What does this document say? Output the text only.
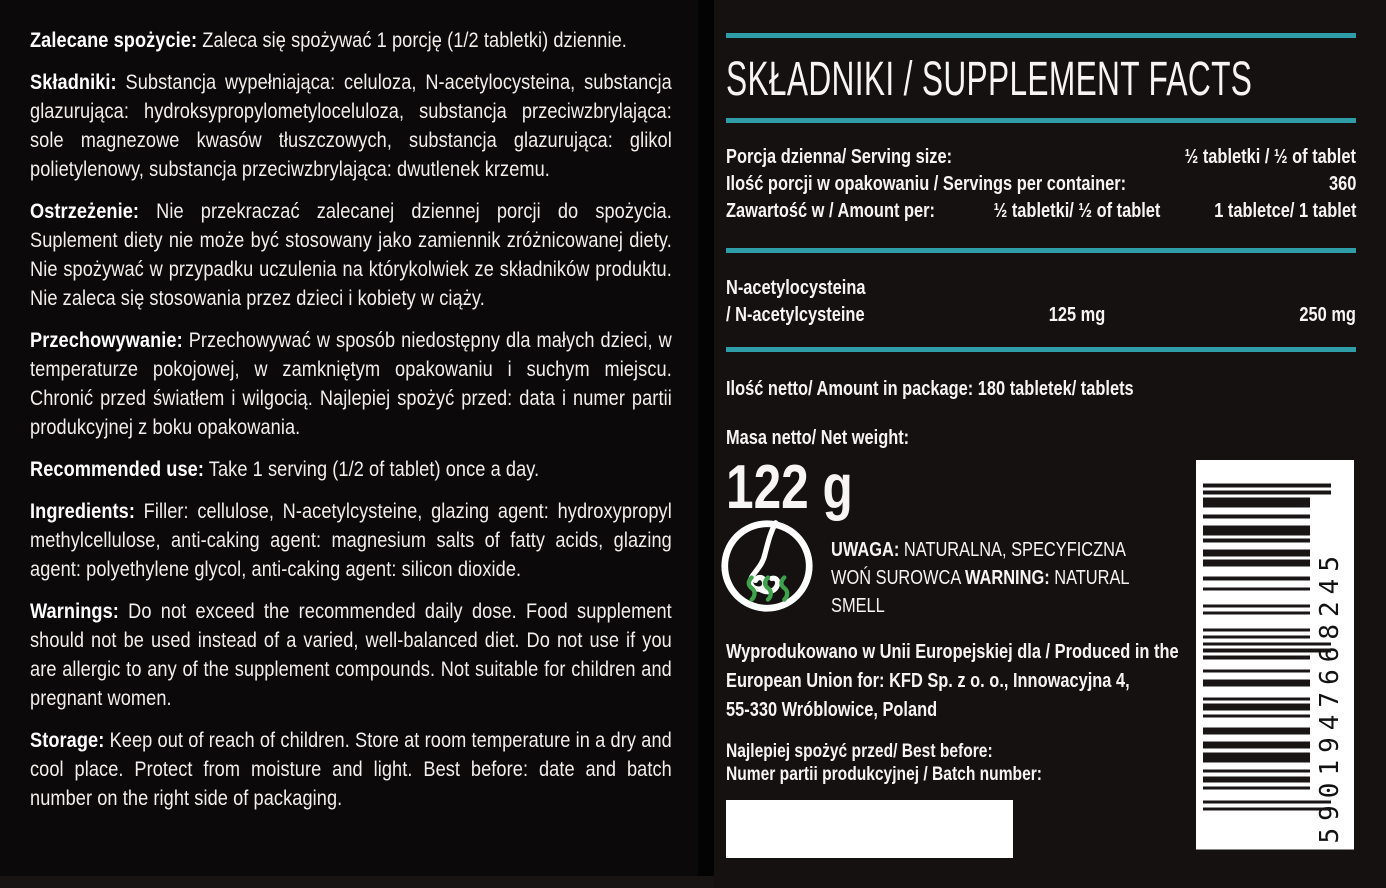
Zalecane spożycie: Zaleca się spożywać 1 porcję (1/2 tabletki) dziennie.

Składniki: Substancja wypełniająca: celuloza, N-acetylocysteina, substancja glazurująca: hydroksypropylometyloceluloza, substancja przeciwzbrylająca: sole magnezowe kwasów tłuszczowych, substancja glazurująca: glikol polietylenowy, substancja przeciwzbrylająca: dwutlenek krzemu.

Ostrzeżenie: Nie przekraczać zalecanej dziennej porcji do spożycia. Suplement diety nie może być stosowany jako zamiennik zróżnicowanej diety. Nie spożywać w przypadku uczulenia na którykolwiek ze składników produktu. Nie zaleca się stosowania przez dzieci i kobiety w ciąży.

Przechowywanie: Przechowywać w sposób niedostępny dla małych dzieci, w temperaturze pokojowej, w zamkniętym opakowaniu i suchym miejscu. Chronić przed światłem i wilgocią. Najlepiej spożyć przed: data i numer partii produkcyjnej z boku opakowania.

Recommended use: Take 1 serving (1/2 of tablet) once a day.

Ingredients: Filler: cellulose, N-acetylcysteine, glazing agent: hydroxypropyl methylcellulose, anti-caking agent: magnesium salts of fatty acids, glazing agent: polyethylene glycol, anti-caking agent: silicon dioxide.

Warnings: Do not exceed the recommended daily dose. Food supplement should not be used instead of a varied, well-balanced diet. Do not use if you are allergic to any of the supplement compounds. Not suitable for children and pregnant women.

Storage: Keep out of reach of children. Store at room temperature in a dry and cool place. Protect from moisture and light. Best before: date and batch number on the right side of packaging.

SKŁADNIKI / SUPPLEMENT FACTS
Porcja dzienna/ Serving size:	½ tabletki / ½ of tablet
Ilość porcji w opakowaniu / Servings per container:	360
Zawartość w / Amount per:	½ tabletki/ ½ of tablet	1 tabletce/ 1 tablet
N-acetylocysteina
/ N-acetylcysteine	125 mg	250 mg
Ilość netto/ Amount in package: 180 tabletek/ tablets
Masa netto/ Net weight:
122 g
UWAGA: NATURALNA, SPECYFICZNA WOŃ SUROWCA WARNING: NATURAL SMELL
Wyprodukowano w Unii Europejskiej dla / Produced in the
European Union for: KFD Sp. z o. o., Innowacyjna 4,
55-330 Wróblowice, Poland
Najlepiej spożyć przed/ Best before:
Numer partii produkcyjnej / Batch number:	5901947668245
